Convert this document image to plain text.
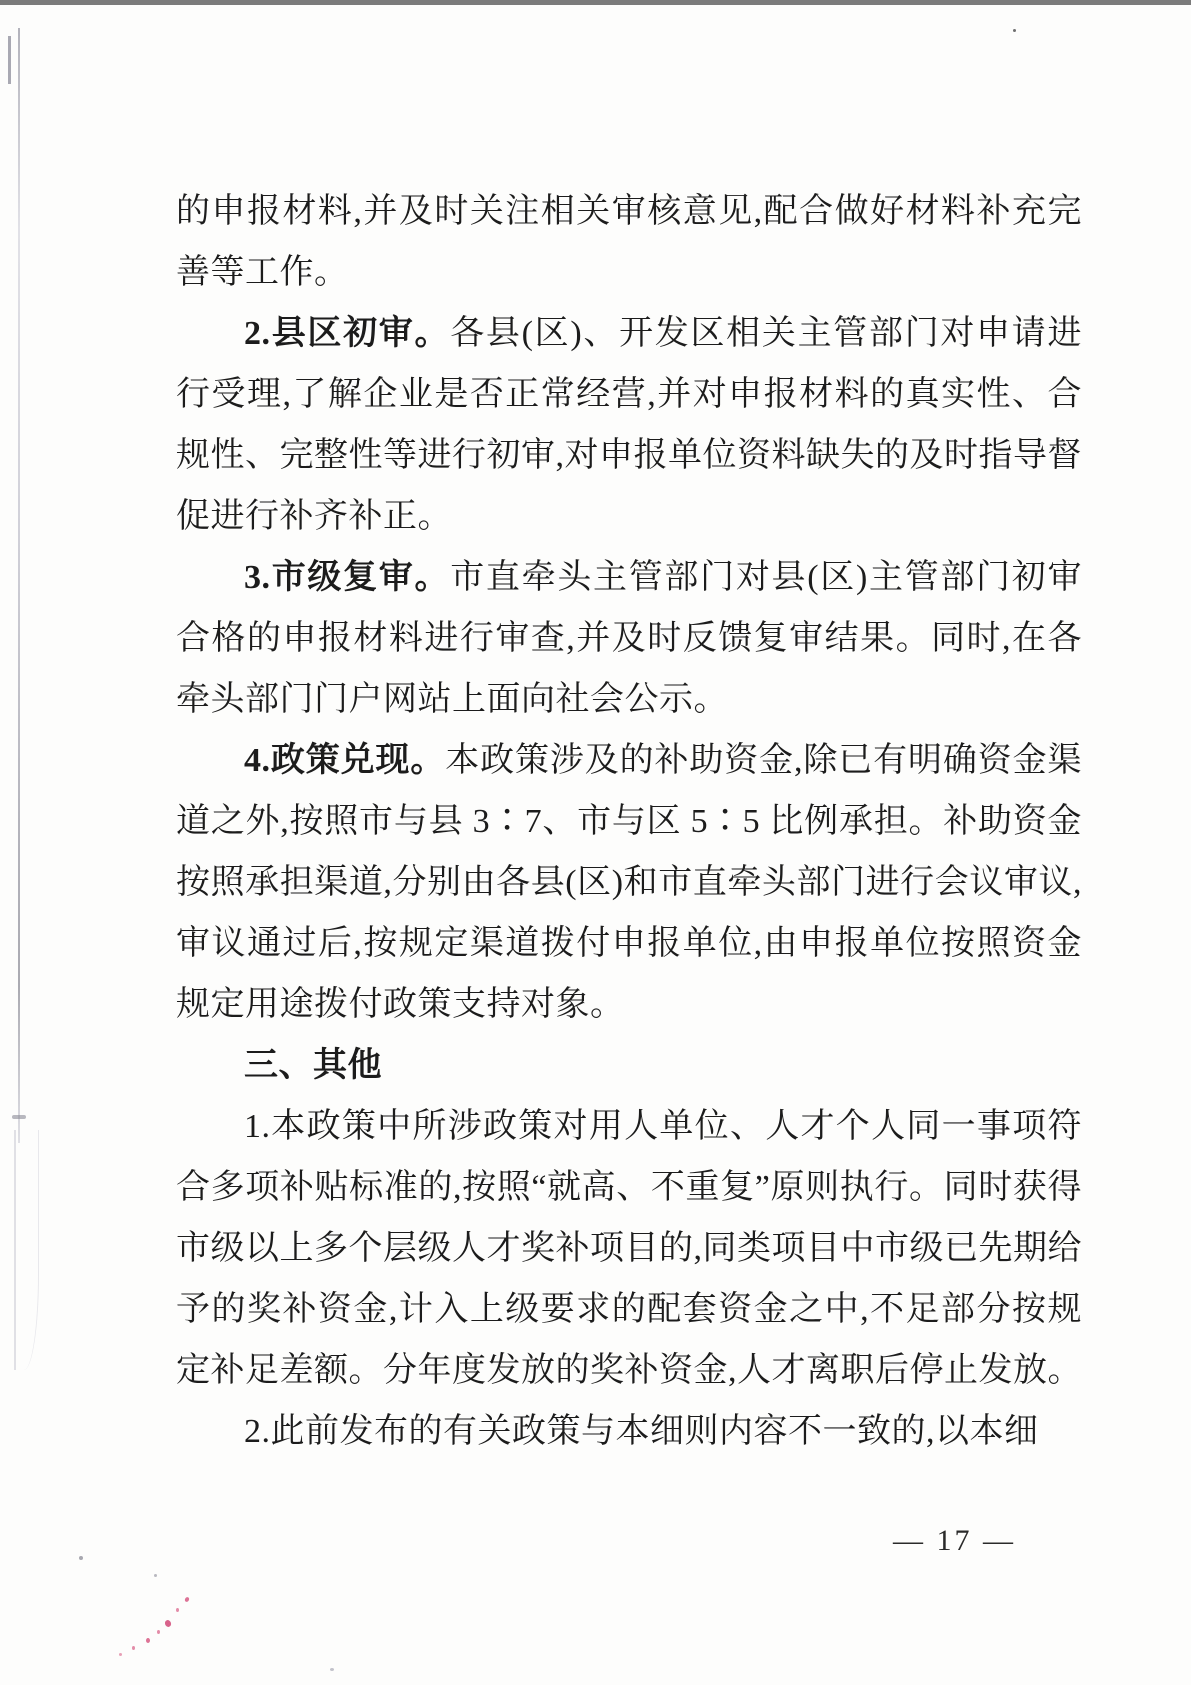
的申报材料,并及时关注相关审核意见,配合做好材料补充完善等工作。

2.县区初审。各县(区)、开发区相关主管部门对申请进行受理,了解企业是否正常经营,并对申报材料的真实性、合规性、完整性等进行初审,对申报单位资料缺失的及时指导督促进行补齐补正。

3.市级复审。市直牵头主管部门对县(区)主管部门初审合格的申报材料进行审查,并及时反馈复审结果。同时,在各牵头部门门户网站上面向社会公示。

4.政策兑现。本政策涉及的补助资金,除已有明确资金渠道之外,按照市与县 3∶7、市与区 5∶5 比例承担。补助资金按照承担渠道,分别由各县(区)和市直牵头部门进行会议审议,审议通过后,按规定渠道拨付申报单位,由申报单位按照资金规定用途拨付政策支持对象。

三、其他

1.本政策中所涉政策对用人单位、人才个人同一事项符合多项补贴标准的,按照“就高、不重复”原则执行。同时获得市级以上多个层级人才奖补项目的,同类项目中市级已先期给予的奖补资金,计入上级要求的配套资金之中,不足部分按规定补足差额。分年度发放的奖补资金,人才离职后停止发放。

2.此前发布的有关政策与本细则内容不一致的,以本细

— 17 —
